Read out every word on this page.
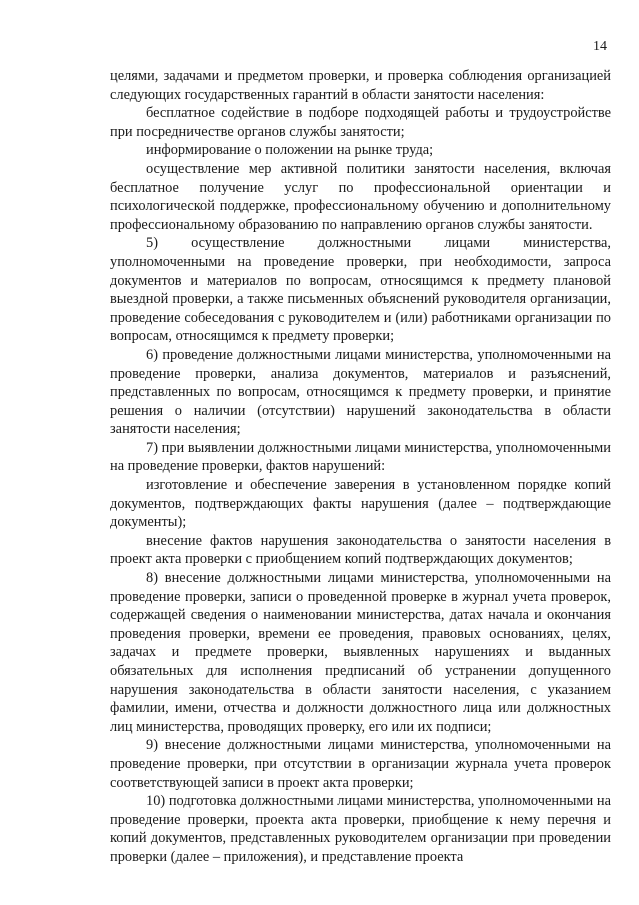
14

целями, задачами и предметом проверки, и проверка соблюдения организацией следующих государственных гарантий в области занятости населения:

бесплатное содействие в подборе подходящей работы и трудоустройстве при посредничестве органов службы занятости;

информирование о положении на рынке труда;

осуществление мер активной политики занятости населения, включая бесплатное получение услуг по профессиональной ориентации и психологической поддержке, профессиональному обучению и дополнительному профессиональному образованию по направлению органов службы занятости.

5) осуществление должностными лицами министерства, уполномоченными на проведение проверки, при необходимости, запроса документов и материалов по вопросам, относящимся к предмету плановой выездной проверки, а также письменных объяснений руководителя организации, проведение собеседования с руководителем и (или) работниками организации по вопросам, относящимся к предмету проверки;

6) проведение должностными лицами министерства, уполномоченными на проведение проверки, анализа документов, материалов и разъяснений, представленных по вопросам, относящимся к предмету проверки, и принятие решения о наличии (отсутствии) нарушений законодательства в области занятости населения;

7) при выявлении должностными лицами министерства, уполномоченными на проведение проверки, фактов нарушений:

изготовление и обеспечение заверения в установленном порядке копий документов, подтверждающих факты нарушения (далее – подтверждающие документы);

внесение фактов нарушения законодательства о занятости населения в проект акта проверки с приобщением копий подтверждающих документов;

8) внесение должностными лицами министерства, уполномоченными на проведение проверки, записи о проведенной проверке в журнал учета проверок, содержащей сведения о наименовании министерства, датах начала и окончания проведения проверки, времени ее проведения, правовых основаниях, целях, задачах и предмете проверки, выявленных нарушениях и выданных обязательных для исполнения предписаний об устранении допущенного нарушения законодательства в области занятости населения, с указанием фамилии, имени, отчества и должности должностного лица или должностных лиц министерства, проводящих проверку, его или их подписи;

9) внесение должностными лицами министерства, уполномоченными на проведение проверки, при отсутствии в организации журнала учета проверок соответствующей записи в проект акта проверки;

10) подготовка должностными лицами министерства, уполномоченными на проведение проверки, проекта акта проверки, приобщение к нему перечня и копий документов, представленных руководителем организации при проведении проверки (далее – приложения), и представление проекта
